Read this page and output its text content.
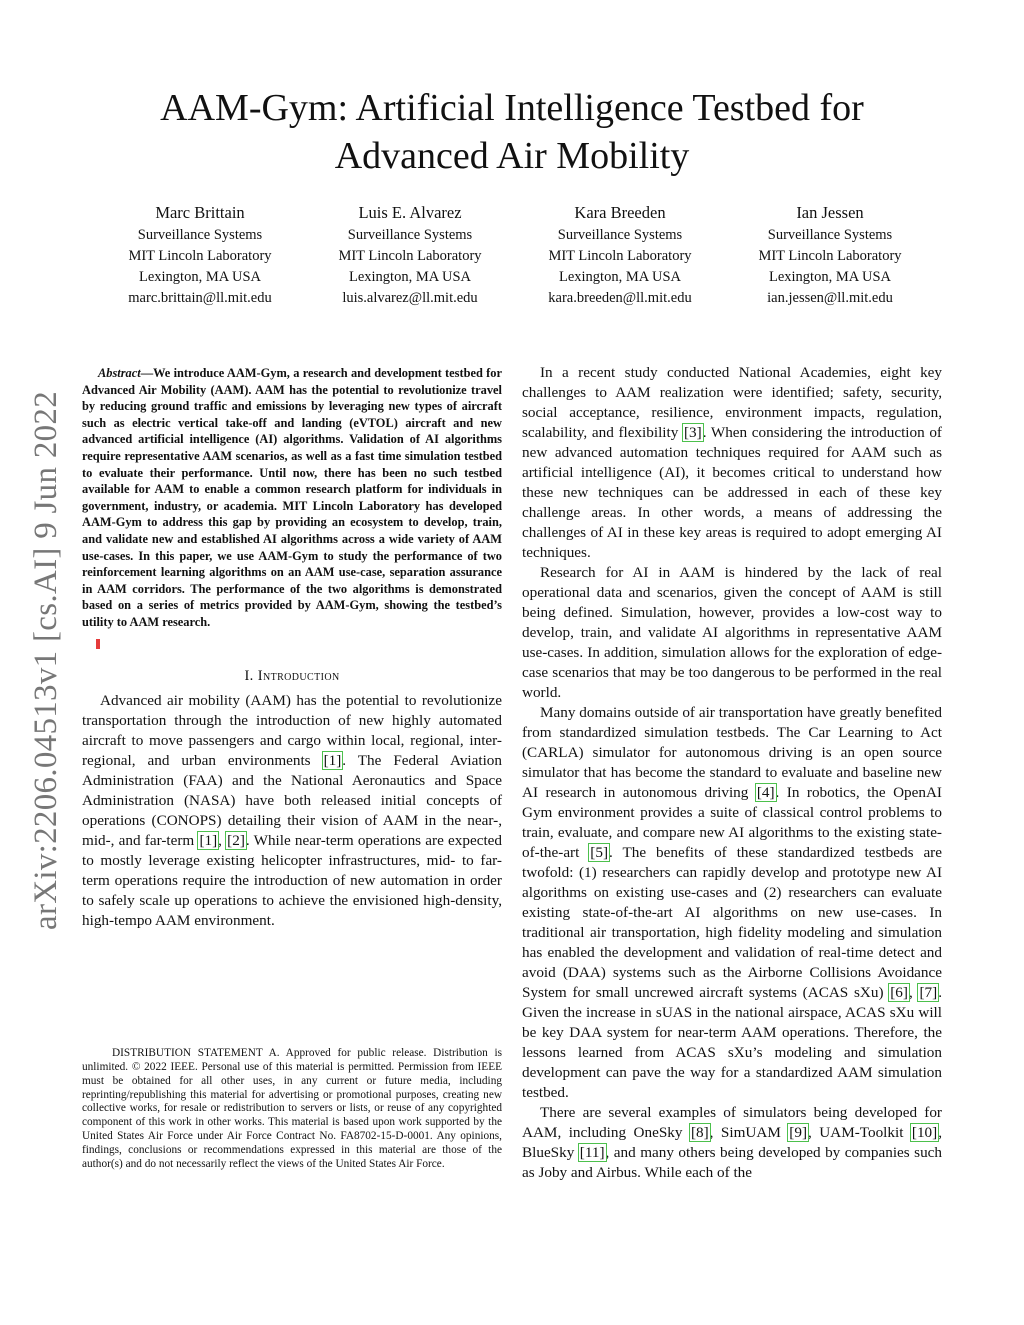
AAM-Gym: Artificial Intelligence Testbed for
Advanced Air Mobility
Marc Brittain
Surveillance Systems
MIT Lincoln Laboratory
Lexington, MA USA
marc.brittain@ll.mit.edu
Luis E. Alvarez
Surveillance Systems
MIT Lincoln Laboratory
Lexington, MA USA
luis.alvarez@ll.mit.edu
Kara Breeden
Surveillance Systems
MIT Lincoln Laboratory
Lexington, MA USA
kara.breeden@ll.mit.edu
Ian Jessen
Surveillance Systems
MIT Lincoln Laboratory
Lexington, MA USA
ian.jessen@ll.mit.edu
arXiv:2206.04513v1 [cs.AI] 9 Jun 2022

Abstract—We introduce AAM-Gym, a research and development testbed for Advanced Air Mobility (AAM). AAM has the potential to revolutionize travel by reducing ground traffic and emissions by leveraging new types of aircraft such as electric vertical take-off and landing (eVTOL) aircraft and new advanced artificial intelligence (AI) algorithms. Validation of AI algorithms require representative AAM scenarios, as well as a fast time simulation testbed to evaluate their performance. Until now, there has been no such testbed available for AAM to enable a common research platform for individuals in government, industry, or academia. MIT Lincoln Laboratory has developed AAM-Gym to address this gap by providing an ecosystem to develop, train, and validate new and established AI algorithms across a wide variety of AAM use-cases. In this paper, we use AAM-Gym to study the performance of two reinforcement learning algorithms on an AAM use-case, separation assurance in AAM corridors. The performance of the two algorithms is demonstrated based on a series of metrics provided by AAM-Gym, showing the testbed’s utility to AAM research.

I. Introduction

Advanced air mobility (AAM) has the potential to revolutionize transportation through the introduction of new highly automated aircraft to move passengers and cargo within local, regional, inter-regional, and urban environments [1]. The Federal Aviation Administration (FAA) and the National Aeronautics and Space Administration (NASA) have both released initial concepts of operations (CONOPS) detailing their vision of AAM in the near-, mid-, and far-term [1], [2]. While near-term operations are expected to mostly leverage existing helicopter infrastructures, mid- to far-term operations require the introduction of new automation in order to safely scale up operations to achieve the envisioned high-density, high-tempo AAM environment.

DISTRIBUTION STATEMENT A. Approved for public release. Distribution is unlimited. © 2022 IEEE. Personal use of this material is permitted. Permission from IEEE must be obtained for all other uses, in any current or future media, including reprinting/republishing this material for advertising or promotional purposes, creating new collective works, for resale or redistribution to servers or lists, or reuse of any copyrighted component of this work in other works. This material is based upon work supported by the United States Air Force under Air Force Contract No. FA8702-15-D-0001. Any opinions, findings, conclusions or recommendations expressed in this material are those of the author(s) and do not necessarily reflect the views of the United States Air Force.

In a recent study conducted National Academies, eight key challenges to AAM realization were identified; safety, security, social acceptance, resilience, environment impacts, regulation, scalability, and flexibility [3]. When considering the introduction of new advanced automation techniques required for AAM such as artificial intelligence (AI), it becomes critical to understand how these new techniques can be addressed in each of these key challenge areas. In other words, a means of addressing the challenges of AI in these key areas is required to adopt emerging AI techniques.

Research for AI in AAM is hindered by the lack of real operational data and scenarios, given the concept of AAM is still being defined. Simulation, however, provides a low-cost way to develop, train, and validate AI algorithms in representative AAM use-cases. In addition, simulation allows for the exploration of edge-case scenarios that may be too dangerous to be performed in the real world.

Many domains outside of air transportation have greatly benefited from standardized simulation testbeds. The Car Learning to Act (CARLA) simulator for autonomous driving is an open source simulator that has become the standard to evaluate and baseline new AI research in autonomous driving [4]. In robotics, the OpenAI Gym environment provides a suite of classical control problems to train, evaluate, and compare new AI algorithms to the existing state-of-the-art [5]. The benefits of these standardized testbeds are twofold: (1) researchers can rapidly develop and prototype new AI algorithms on existing use-cases and (2) researchers can evaluate existing state-of-the-art AI algorithms on new use-cases. In traditional air transportation, high fidelity modeling and simulation has enabled the development and validation of real-time detect and avoid (DAA) systems such as the Airborne Collisions Avoidance System for small uncrewed aircraft systems (ACAS sXu) [6], [7]. Given the increase in sUAS in the national airspace, ACAS sXu will be key DAA system for near-term AAM operations. Therefore, the lessons learned from ACAS sXu’s modeling and simulation development can pave the way for a standardized AAM simulation testbed.

There are several examples of simulators being developed for AAM, including OneSky [8], SimUAM [9], UAM-Toolkit [10], BlueSky [11], and many others being developed by companies such as Joby and Airbus. While each of the
